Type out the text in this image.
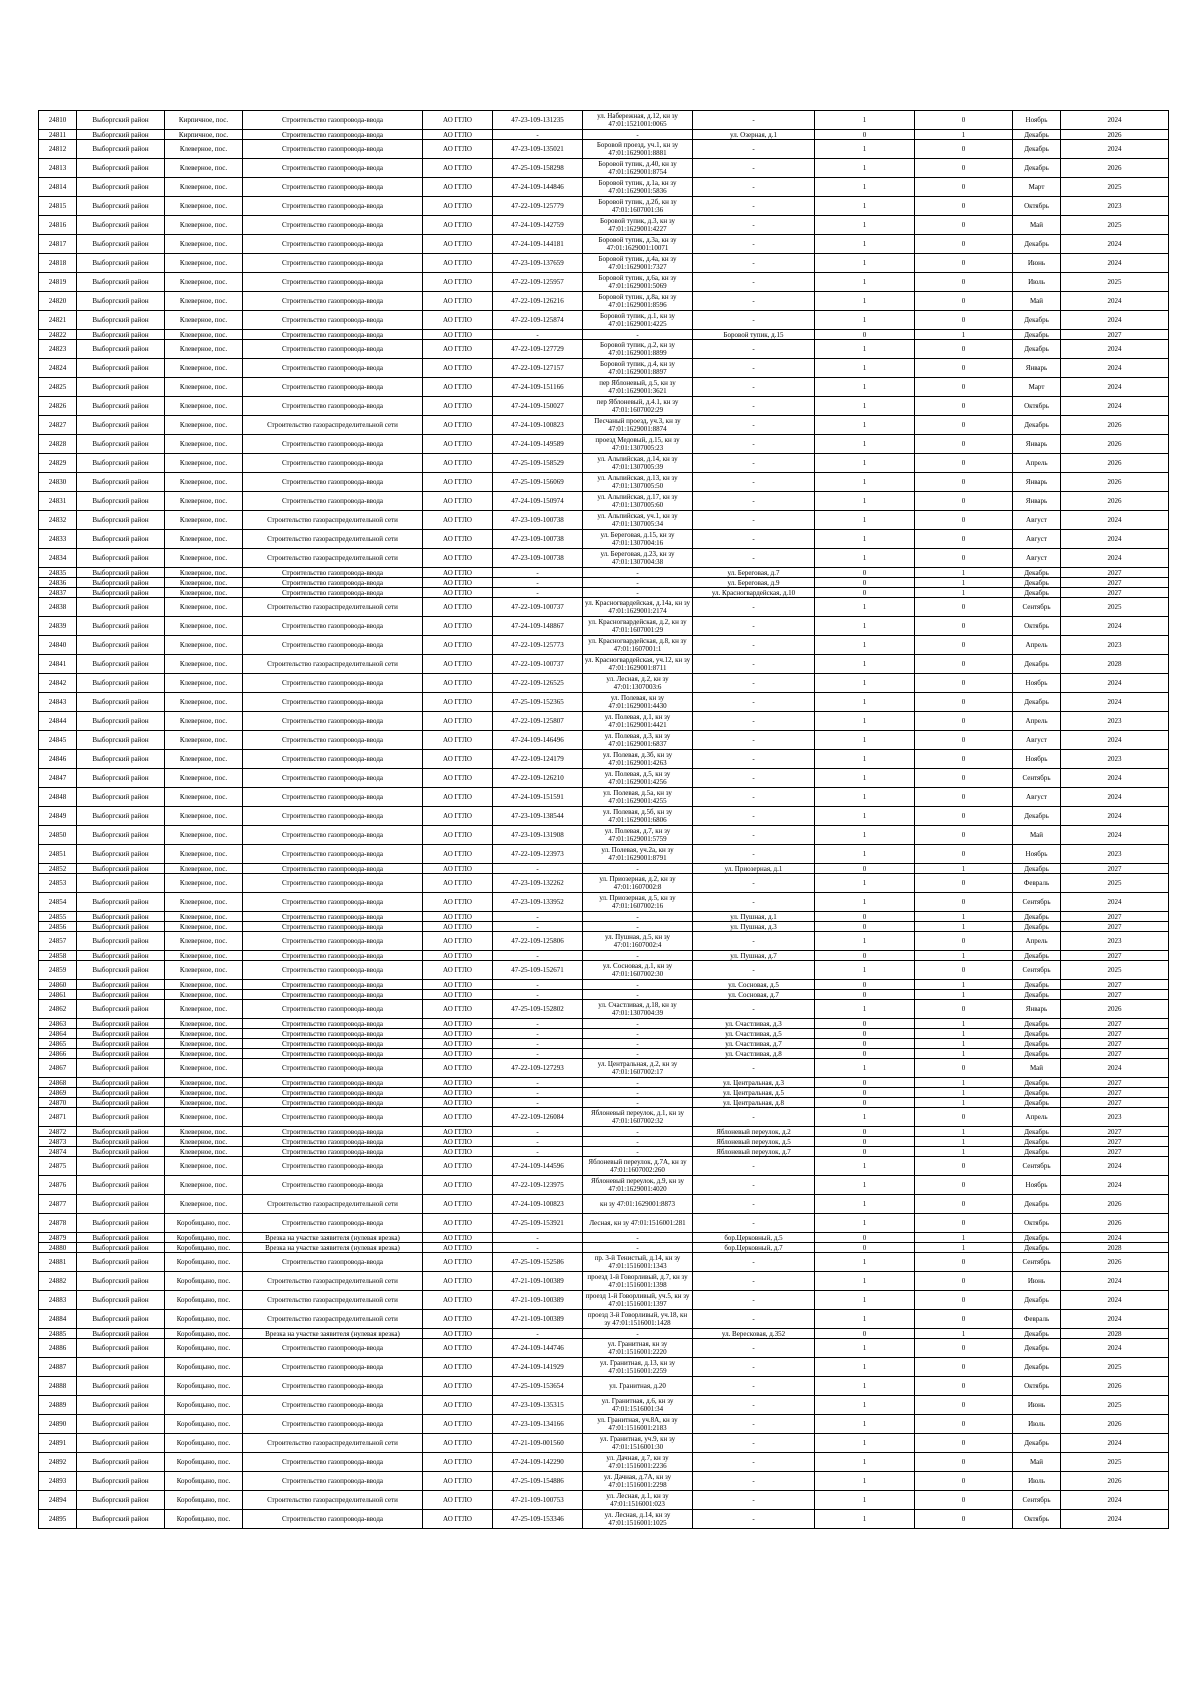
24810	Выборгский район	Кирпичное, пос.	Строительство газопровода-ввода	АО ГГЛО	47-23-109-131235	ул. Набережная, д.12, кн зу 47:01:1521001:0065	-	1	0	Ноябрь	2024
24811	Выборгский район	Кирпичное, пос.	Строительство газопровода-ввода	АО ГГЛО	-	-	ул. Озерная, д.1	0	1	Декабрь	2026
24812	Выборгский район	Клеверное, пос.	Строительство газопровода-ввода	АО ГГЛО	47-23-109-135021	Боровой проезд, уч.1, кн зу 47:01:1629001:8881	-	1	0	Декабрь	2024
24813	Выборгский район	Клеверное, пос.	Строительство газопровода-ввода	АО ГГЛО	47-25-109-158298	Боровой тупик, д.40, кн зу 47:01:1629001:8754	-	1	0	Декабрь	2026
24814	Выборгский район	Клеверное, пос.	Строительство газопровода-ввода	АО ГГЛО	47-24-109-144846	Боровой тупик, д.1а, кн зу 47:01:1629001:5836	-	1	0	Март	2025
24815	Выборгский район	Клеверное, пос.	Строительство газопровода-ввода	АО ГГЛО	47-22-109-125779	Боровой тупик, д.2б, кн зу 47:01:1607001:36	-	1	0	Октябрь	2023
24816	Выборгский район	Клеверное, пос.	Строительство газопровода-ввода	АО ГГЛО	47-24-109-142759	Боровой тупик, д.3, кн зу 47:01:1629001:4227	-	1	0	Май	2025
24817	Выборгский район	Клеверное, пос.	Строительство газопровода-ввода	АО ГГЛО	47-24-109-144181	Боровой тупик, д.3а, кн зу 47:01:1629001:10071	-	1	0	Декабрь	2024
24818	Выборгский район	Клеверное, пос.	Строительство газопровода-ввода	АО ГГЛО	47-23-109-137659	Боровой тупик, д.4а, кн зу 47:01:1629001:7327	-	1	0	Июнь	2024
24819	Выборгский район	Клеверное, пос.	Строительство газопровода-ввода	АО ГГЛО	47-22-109-125957	Боровой тупик, д.6а, кн зу 47:01:1629001:5069	-	1	0	Июль	2025
24820	Выборгский район	Клеверное, пос.	Строительство газопровода-ввода	АО ГГЛО	47-22-109-126216	Боровой тупик, д.8а, кн зу 47:01:1629001:8596	-	1	0	Май	2024
24821	Выборгский район	Клеверное, пос.	Строительство газопровода-ввода	АО ГГЛО	47-22-109-125874	Боровой тупик, д.1, кн зу 47:01:1629001:4225	-	1	0	Декабрь	2024
24822	Выборгский район	Клеверное, пос.	Строительство газопровода-ввода	АО ГГЛО	-	-	Боровой тупик, д.15	0	1	Декабрь	2027
24823	Выборгский район	Клеверное, пос.	Строительство газопровода-ввода	АО ГГЛО	47-22-109-127729	Боровой тупик, д.2, кн зу 47:01:1629001:8899	-	1	0	Декабрь	2024
24824	Выборгский район	Клеверное, пос.	Строительство газопровода-ввода	АО ГГЛО	47-22-109-127157	Боровой тупик, д.4, кн зу 47:01:1629001:8897	-	1	0	Январь	2024
24825	Выборгский район	Клеверное, пос.	Строительство газопровода-ввода	АО ГГЛО	47-24-109-151166	пер Яблоневый, д.5, кн зу 47:01:1629001:3621	-	1	0	Март	2024
24826	Выборгский район	Клеверное, пос.	Строительство газопровода-ввода	АО ГГЛО	47-24-109-150027	пер Яблоневый, д.4.1, кн зу 47:01:1607002:29	-	1	0	Октябрь	2024
24827	Выборгский район	Клеверное, пос.	Строительство газораспределительной сети	АО ГГЛО	47-24-109-100823	Песчаный проезд, уч.3, кн зу 47:01:1629001:8874	-	1	0	Декабрь	2026
24828	Выборгский район	Клеверное, пос.	Строительство газопровода-ввода	АО ГГЛО	47-24-109-149589	проезд Медовый, д.15, кн зу 47:01:1307005:23	-	1	0	Январь	2026
24829	Выборгский район	Клеверное, пос.	Строительство газопровода-ввода	АО ГГЛО	47-25-109-158529	ул. Альпийская, д.14, кн зу 47:01:1307005:39	-	1	0	Апрель	2026
24830	Выборгский район	Клеверное, пос.	Строительство газопровода-ввода	АО ГГЛО	47-25-109-156069	ул. Альпийская, д.13, кн зу 47:01:1307005:50	-	1	0	Январь	2026
24831	Выборгский район	Клеверное, пос.	Строительство газопровода-ввода	АО ГГЛО	47-24-109-150974	ул. Альпийская, д.17, кн зу 47:01:1307005:60	-	1	0	Январь	2026
24832	Выборгский район	Клеверное, пос.	Строительство газораспределительной сети	АО ГГЛО	47-23-109-100738	ул. Альпийская, уч.1, кн зу 47:01:1307005:34	-	1	0	Август	2024
24833	Выборгский район	Клеверное, пос.	Строительство газораспределительной сети	АО ГГЛО	47-23-109-100738	ул. Береговая, д.15, кн зу 47:01:1307004:16	-	1	0	Август	2024
24834	Выборгский район	Клеверное, пос.	Строительство газораспределительной сети	АО ГГЛО	47-23-109-100738	ул. Береговая, д.23, кн зу 47:01:1307004:38	-	1	0	Август	2024
24835	Выборгский район	Клеверное, пос.	Строительство газопровода-ввода	АО ГГЛО	-	-	ул. Береговая, д.7	0	1	Декабрь	2027
24836	Выборгский район	Клеверное, пос.	Строительство газопровода-ввода	АО ГГЛО	-	-	ул. Береговая, д.9	0	1	Декабрь	2027
24837	Выборгский район	Клеверное, пос.	Строительство газопровода-ввода	АО ГГЛО	-	-	ул. Красногвардейская, д.10	0	1	Декабрь	2027
24838	Выборгский район	Клеверное, пос.	Строительство газораспределительной сети	АО ГГЛО	47-22-109-100737	ул. Красногвардейская, д.14а, кн зу 47:01:1629001:2174	-	1	0	Сентябрь	2025
24839	Выборгский район	Клеверное, пос.	Строительство газопровода-ввода	АО ГГЛО	47-24-109-148867	ул. Красногвардейская, д.2, кн зу 47:01:1607001:29	-	1	0	Октябрь	2024
24840	Выборгский район	Клеверное, пос.	Строительство газопровода-ввода	АО ГГЛО	47-22-109-125773	ул. Красногвардейская, д.8, кн зу 47:01:1607001:1	-	1	0	Апрель	2023
24841	Выборгский район	Клеверное, пос.	Строительство газораспределительной сети	АО ГГЛО	47-22-109-100737	ул. Красногвардейская, уч.12, кн зу 47:01:1629001:8711	-	1	0	Декабрь	2028
24842	Выборгский район	Клеверное, пос.	Строительство газопровода-ввода	АО ГГЛО	47-22-109-126525	ул. Лесная, д.2, кн зу 47:01:1307003:6	-	1	0	Ноябрь	2024
24843	Выборгский район	Клеверное, пос.	Строительство газопровода-ввода	АО ГГЛО	47-25-109-152365	ул. Полевая, кн зу 47:01:1629001:4430	-	1	0	Декабрь	2024
24844	Выборгский район	Клеверное, пос.	Строительство газопровода-ввода	АО ГГЛО	47-22-109-125807	ул. Полевая, д.1, кн зу 47:01:1629001:4421	-	1	0	Апрель	2023
24845	Выборгский район	Клеверное, пос.	Строительство газопровода-ввода	АО ГГЛО	47-24-109-146496	ул. Полевая, д.3, кн зу 47:01:1629001:6837	-	1	0	Август	2024
24846	Выборгский район	Клеверное, пос.	Строительство газопровода-ввода	АО ГГЛО	47-22-109-124179	ул. Полевая, д.3б, кн зу 47:01:1629001:4263	-	1	0	Ноябрь	2023
24847	Выборгский район	Клеверное, пос.	Строительство газопровода-ввода	АО ГГЛО	47-22-109-126210	ул. Полевая, д.5, кн зу 47:01:1629001:4256	-	1	0	Сентябрь	2024
24848	Выборгский район	Клеверное, пос.	Строительство газопровода-ввода	АО ГГЛО	47-24-109-151591	ул. Полевая, д.5а, кн зу 47:01:1629001:4255	-	1	0	Август	2024
24849	Выборгский район	Клеверное, пос.	Строительство газопровода-ввода	АО ГГЛО	47-23-109-138544	ул. Полевая, д.5б, кн зу 47:01:1629001:6806	-	1	0	Декабрь	2024
24850	Выборгский район	Клеверное, пос.	Строительство газопровода-ввода	АО ГГЛО	47-23-109-131908	ул. Полевая, д.7, кн зу 47:01:1629001:5759	-	1	0	Май	2024
24851	Выборгский район	Клеверное, пос.	Строительство газопровода-ввода	АО ГГЛО	47-22-109-123973	ул. Полевая, уч.2а, кн зу 47:01:1629001:8791	-	1	0	Ноябрь	2023
24852	Выборгский район	Клеверное, пос.	Строительство газопровода-ввода	АО ГГЛО	-	-	ул. Приозерная, д.1	0	1	Декабрь	2027
24853	Выборгский район	Клеверное, пос.	Строительство газопровода-ввода	АО ГГЛО	47-23-109-132262	ул. Приозерная, д.2, кн зу 47:01:1607002:8	-	1	0	Февраль	2025
24854	Выборгский район	Клеверное, пос.	Строительство газопровода-ввода	АО ГГЛО	47-23-109-133952	ул. Приозерная, д.5, кн зу 47:01:1607002:16	-	1	0	Сентябрь	2024
24855	Выборгский район	Клеверное, пос.	Строительство газопровода-ввода	АО ГГЛО	-	-	ул. Пушная, д.1	0	1	Декабрь	2027
24856	Выборгский район	Клеверное, пос.	Строительство газопровода-ввода	АО ГГЛО	-	-	ул. Пушная, д.3	0	1	Декабрь	2027
24857	Выборгский район	Клеверное, пос.	Строительство газопровода-ввода	АО ГГЛО	47-22-109-125806	ул. Пушная, д.5, кн зу 47:01:1607002:4	-	1	0	Апрель	2023
24858	Выборгский район	Клеверное, пос.	Строительство газопровода-ввода	АО ГГЛО	-	-	ул. Пушная, д.7	0	1	Декабрь	2027
24859	Выборгский район	Клеверное, пос.	Строительство газопровода-ввода	АО ГГЛО	47-25-109-152671	ул. Сосновая, д.1, кн зу 47:01:1607002:30	-	1	0	Сентябрь	2025
24860	Выборгский район	Клеверное, пос.	Строительство газопровода-ввода	АО ГГЛО	-	-	ул. Сосновая, д.5	0	1	Декабрь	2027
24861	Выборгский район	Клеверное, пос.	Строительство газопровода-ввода	АО ГГЛО	-	-	ул. Сосновая, д.7	0	1	Декабрь	2027
24862	Выборгский район	Клеверное, пос.	Строительство газопровода-ввода	АО ГГЛО	47-25-109-152802	ул. Счастливая, д.18, кн зу 47:01:1307004:39	-	1	0	Январь	2026
24863	Выборгский район	Клеверное, пос.	Строительство газопровода-ввода	АО ГГЛО	-	-	ул. Счастливая, д.3	0	1	Декабрь	2027
24864	Выборгский район	Клеверное, пос.	Строительство газопровода-ввода	АО ГГЛО	-	-	ул. Счастливая, д.5	0	1	Декабрь	2027
24865	Выборгский район	Клеверное, пос.	Строительство газопровода-ввода	АО ГГЛО	-	-	ул. Счастливая, д.7	0	1	Декабрь	2027
24866	Выборгский район	Клеверное, пос.	Строительство газопровода-ввода	АО ГГЛО	-	-	ул. Счастливая, д.8	0	1	Декабрь	2027
24867	Выборгский район	Клеверное, пос.	Строительство газопровода-ввода	АО ГГЛО	47-22-109-127293	ул. Центральная, д.2, кн зу 47:01:1607002:17	-	1	0	Май	2024
24868	Выборгский район	Клеверное, пос.	Строительство газопровода-ввода	АО ГГЛО	-	-	ул. Центральная, д.3	0	1	Декабрь	2027
24869	Выборгский район	Клеверное, пос.	Строительство газопровода-ввода	АО ГГЛО	-	-	ул. Центральная, д.5	0	1	Декабрь	2027
24870	Выборгский район	Клеверное, пос.	Строительство газопровода-ввода	АО ГГЛО	-	-	ул. Центральная, д.8	0	1	Декабрь	2027
24871	Выборгский район	Клеверное, пос.	Строительство газопровода-ввода	АО ГГЛО	47-22-109-126084	Яблоневый переулок, д.1, кн зу 47:01:1607002:32	-	1	0	Апрель	2023
24872	Выборгский район	Клеверное, пос.	Строительство газопровода-ввода	АО ГГЛО	-	-	Яблоневый переулок, д.2	0	1	Декабрь	2027
24873	Выборгский район	Клеверное, пос.	Строительство газопровода-ввода	АО ГГЛО	-	-	Яблоневый переулок, д.5	0	1	Декабрь	2027
24874	Выборгский район	Клеверное, пос.	Строительство газопровода-ввода	АО ГГЛО	-	-	Яблоневый переулок, д.7	0	1	Декабрь	2027
24875	Выборгский район	Клеверное, пос.	Строительство газопровода-ввода	АО ГГЛО	47-24-109-144596	Яблоневый переулок, д.7А, кн зу 47:01:1607002:260	-	1	0	Сентябрь	2024
24876	Выборгский район	Клеверное, пос.	Строительство газопровода-ввода	АО ГГЛО	47-22-109-123975	Яблоневый переулок, д.9, кн зу 47:01:1629001:4020	-	1	0	Ноябрь	2024
24877	Выборгский район	Клеверное, пос.	Строительство газораспределительной сети	АО ГГЛО	47-24-109-100823	кн зу 47:01:1629001:8873	-	1	0	Декабрь	2026
24878	Выборгский район	Коробицыно, пос.	Строительство газопровода-ввода	АО ГГЛО	47-25-109-153921	Лесная, кн зу 47:01:1516001:281	-	1	0	Октябрь	2026
24879	Выборгский район	Коробицыно, пос.	Врезка на участке заявителя (нулевая врезка)	АО ГГЛО	-	-	бор.Церковный, д.5	0	1	Декабрь	2024
24880	Выборгский район	Коробицыно, пос.	Врезка на участке заявителя (нулевая врезка)	АО ГГЛО	-	-	бор.Церковный, д.7	0	1	Декабрь	2028
24881	Выборгский район	Коробицыно, пос.	Строительство газопровода-ввода	АО ГГЛО	47-25-109-152586	пр. 3-й Тенистый, д.14, кн зу 47:01:1516001:1343	-	1	0	Сентябрь	2026
24882	Выборгский район	Коробицыно, пос.	Строительство газораспределительной сети	АО ГГЛО	47-21-109-100389	проезд 1-й Говорливый, д.7, кн зу 47:01:1516001:1398	-	1	0	Июнь	2024
24883	Выборгский район	Коробицыно, пос.	Строительство газораспределительной сети	АО ГГЛО	47-21-109-100389	проезд 1-й Говорливый, уч.5, кн зу 47:01:1516001:1397	-	1	0	Декабрь	2024
24884	Выборгский район	Коробицыно, пос.	Строительство газораспределительной сети	АО ГГЛО	47-21-109-100389	проезд 3-й Говорливый, уч.18, кн зу 47:01:1516001:1428	-	1	0	Февраль	2024
24885	Выборгский район	Коробицыно, пос.	Врезка на участке заявителя (нулевая врезка)	АО ГГЛО	-	-	ул. Вересковая, д.352	0	1	Декабрь	2028
24886	Выборгский район	Коробицыно, пос.	Строительство газопровода-ввода	АО ГГЛО	47-24-109-144746	ул. Гранитная, кн зу 47:01:1516001:2220	-	1	0	Декабрь	2024
24887	Выборгский район	Коробицыно, пос.	Строительство газопровода-ввода	АО ГГЛО	47-24-109-141929	ул. Гранитная, д.13, кн зу 47:01:1516001:2259	-	1	0	Декабрь	2025
24888	Выборгский район	Коробицыно, пос.	Строительство газопровода-ввода	АО ГГЛО	47-25-109-153654	ул. Гранитная, д.20	-	1	0	Октябрь	2026
24889	Выборгский район	Коробицыно, пос.	Строительство газопровода-ввода	АО ГГЛО	47-23-109-135315	ул. Гранитная, д.6, кн зу 47:01:1516001:34	-	1	0	Июнь	2025
24890	Выборгский район	Коробицыно, пос.	Строительство газопровода-ввода	АО ГГЛО	47-23-109-134166	ул. Гранитная, уч.8А, кн зу 47:01:1516001:2183	-	1	0	Июль	2026
24891	Выборгский район	Коробицыно, пос.	Строительство газораспределительной сети	АО ГГЛО	47-21-109-001560	ул. Гранитная, уч.9, кн зу 47:01:1516001:30	-	1	0	Декабрь	2024
24892	Выборгский район	Коробицыно, пос.	Строительство газопровода-ввода	АО ГГЛО	47-24-109-142290	ул. Дачная, д.7, кн зу 47:01:1516001:2236	-	1	0	Май	2025
24893	Выборгский район	Коробицыно, пос.	Строительство газопровода-ввода	АО ГГЛО	47-25-109-154886	ул. Дачная, д.7А, кн зу 47:01:1516001:2298	-	1	0	Июль	2026
24894	Выборгский район	Коробицыно, пос.	Строительство газораспределительной сети	АО ГГЛО	47-21-109-100753	ул. Лесная, д.1, кн зу 47:01:1516001:023	-	1	0	Сентябрь	2024
24895	Выборгский район	Коробицыно, пос.	Строительство газопровода-ввода	АО ГГЛО	47-25-109-153346	ул. Лесная, д.14, кн зу 47:01:1516001:1025	-	1	0	Октябрь	2024
